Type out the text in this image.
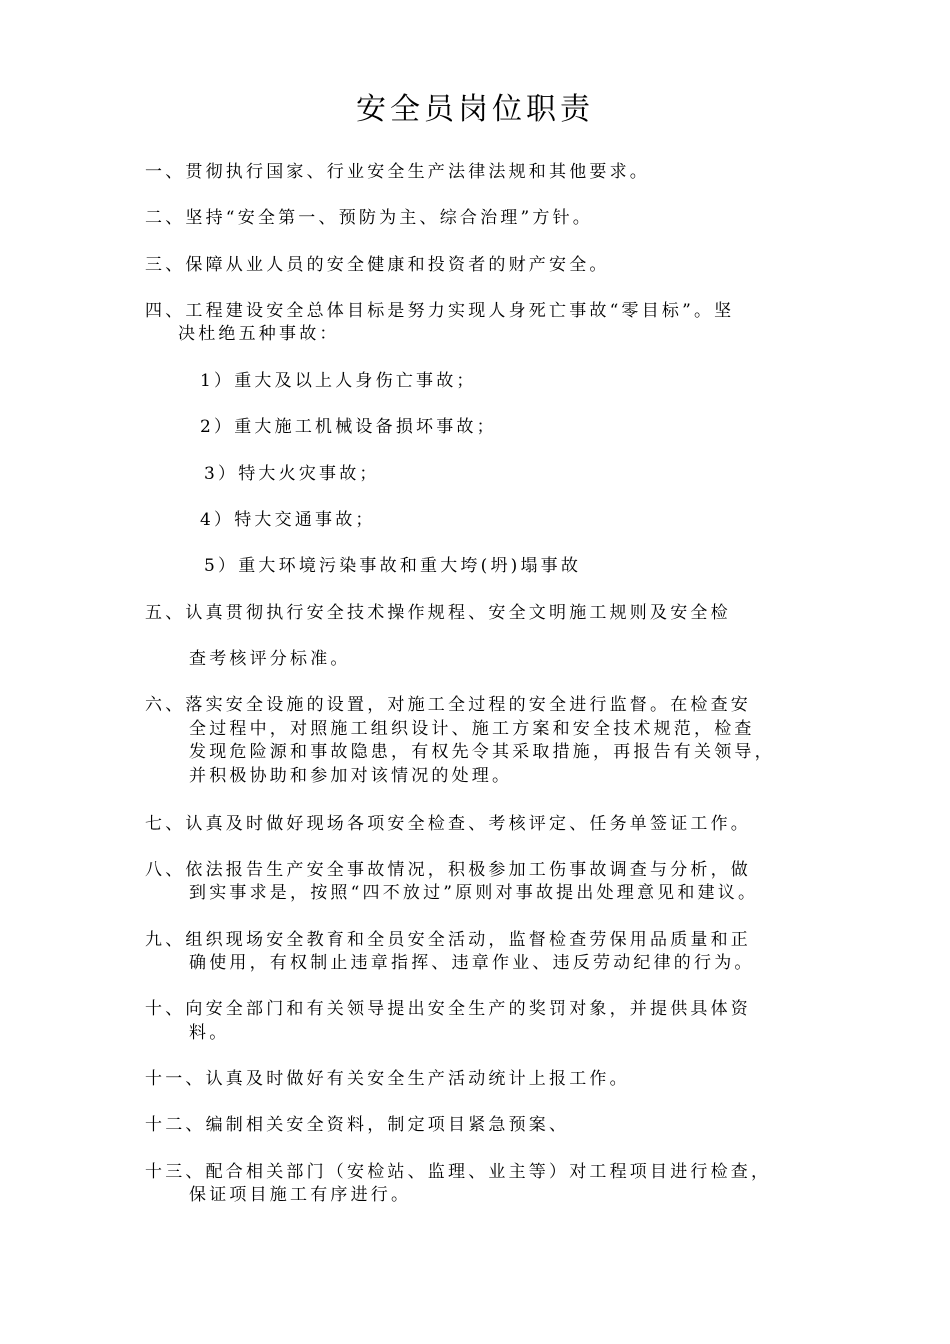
安全员岗位职责
一、贯彻执行国家、行业安全生产法律法规和其他要求。
二、坚持“安全第一、预防为主、综合治理”方针。
三、保障从业人员的安全健康和投资者的财产安全。
四、工程建设安全总体目标是努力实现人身死亡事故“零目标”。坚
决杜绝五种事故：
1）重大及以上人身伤亡事故；
2）重大施工机械设备损坏事故；
3）特大火灾事故；
4）特大交通事故；
5）重大环境污染事故和重大垮(坍)塌事故
五、认真贯彻执行安全技术操作规程、安全文明施工规则及安全检
查考核评分标准。
六、落实安全设施的设置，对施工全过程的安全进行监督。在检查安
全过程中，对照施工组织设计、施工方案和安全技术规范，检查
发现危险源和事故隐患，有权先令其采取措施，再报告有关领导，
并积极协助和参加对该情况的处理。
七、认真及时做好现场各项安全检查、考核评定、任务单签证工作。
八、依法报告生产安全事故情况，积极参加工伤事故调查与分析，做
到实事求是，按照“四不放过”原则对事故提出处理意见和建议。
九、组织现场安全教育和全员安全活动，监督检查劳保用品质量和正
确使用，有权制止违章指挥、违章作业、违反劳动纪律的行为。
十、向安全部门和有关领导提出安全生产的奖罚对象，并提供具体资
料。
十一、认真及时做好有关安全生产活动统计上报工作。
十二、编制相关安全资料，制定项目紧急预案、
十三、配合相关部门（安检站、监理、业主等）对工程项目进行检查，
保证项目施工有序进行。
